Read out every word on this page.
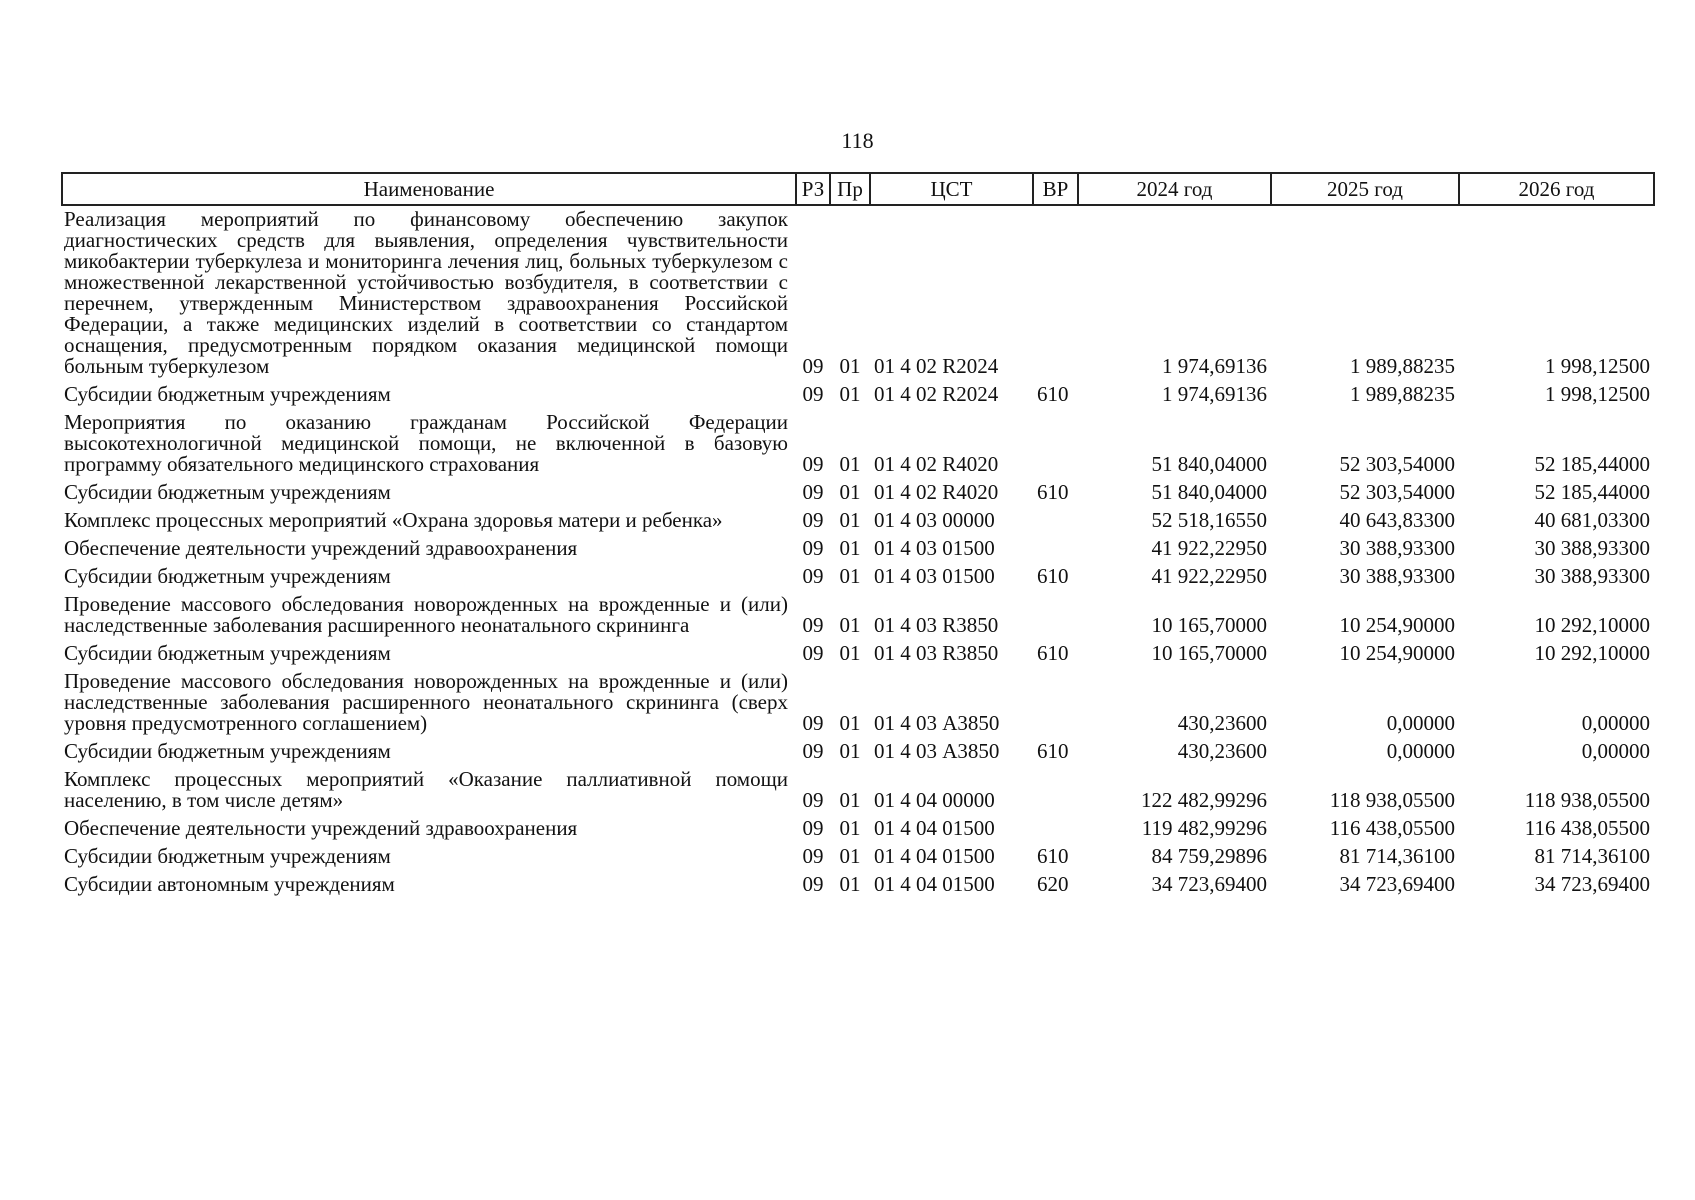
118
Наименование	РЗ	Пр	ЦСТ	ВР	2024 год	2025 год	2026 год
Реализация мероприятий по финансовому обеспечению закупок диагностических средств для выявления, определения чувствительности микобактерии туберкулеза и мониторинга лечения лиц, больных туберкулезом с множественной лекарственной устойчивостью возбудителя, в соответствии с перечнем, утвержденным Министерством здравоохранения Российской Федерации, а также медицинских изделий в соответствии со стандартом оснащения, предусмотренным порядком оказания медицинской помощи больным туберкулезом	09	01	01 4 02 R2024		1 974,69136	1 989,88235	1 998,12500
Субсидии бюджетным учреждениям	09	01	01 4 02 R2024	610	1 974,69136	1 989,88235	1 998,12500
Мероприятия по оказанию гражданам Российской Федерации высокотехнологичной медицинской помощи, не включенной в базовую программу обязательного медицинского страхования	09	01	01 4 02 R4020		51 840,04000	52 303,54000	52 185,44000
Субсидии бюджетным учреждениям	09	01	01 4 02 R4020	610	51 840,04000	52 303,54000	52 185,44000
Комплекс процессных мероприятий «Охрана здоровья матери и ребенка»	09	01	01 4 03 00000		52 518,16550	40 643,83300	40 681,03300
Обеспечение деятельности учреждений здравоохранения	09	01	01 4 03 01500		41 922,22950	30 388,93300	30 388,93300
Субсидии бюджетным учреждениям	09	01	01 4 03 01500	610	41 922,22950	30 388,93300	30 388,93300
Проведение массового обследования новорожденных на врожденные и (или) наследственные заболевания расширенного неонатального скрининга	09	01	01 4 03 R3850		10 165,70000	10 254,90000	10 292,10000
Субсидии бюджетным учреждениям	09	01	01 4 03 R3850	610	10 165,70000	10 254,90000	10 292,10000
Проведение массового обследования новорожденных на врожденные и (или) наследственные заболевания расширенного неонатального скрининга (сверх уровня предусмотренного соглашением)	09	01	01 4 03 А3850		430,23600	0,00000	0,00000
Субсидии бюджетным учреждениям	09	01	01 4 03 А3850	610	430,23600	0,00000	0,00000
Комплекс процессных мероприятий «Оказание паллиативной помощи населению, в том числе детям»	09	01	01 4 04 00000		122 482,99296	118 938,05500	118 938,05500
Обеспечение деятельности учреждений здравоохранения	09	01	01 4 04 01500		119 482,99296	116 438,05500	116 438,05500
Субсидии бюджетным учреждениям	09	01	01 4 04 01500	610	84 759,29896	81 714,36100	81 714,36100
Субсидии автономным учреждениям	09	01	01 4 04 01500	620	34 723,69400	34 723,69400	34 723,69400
